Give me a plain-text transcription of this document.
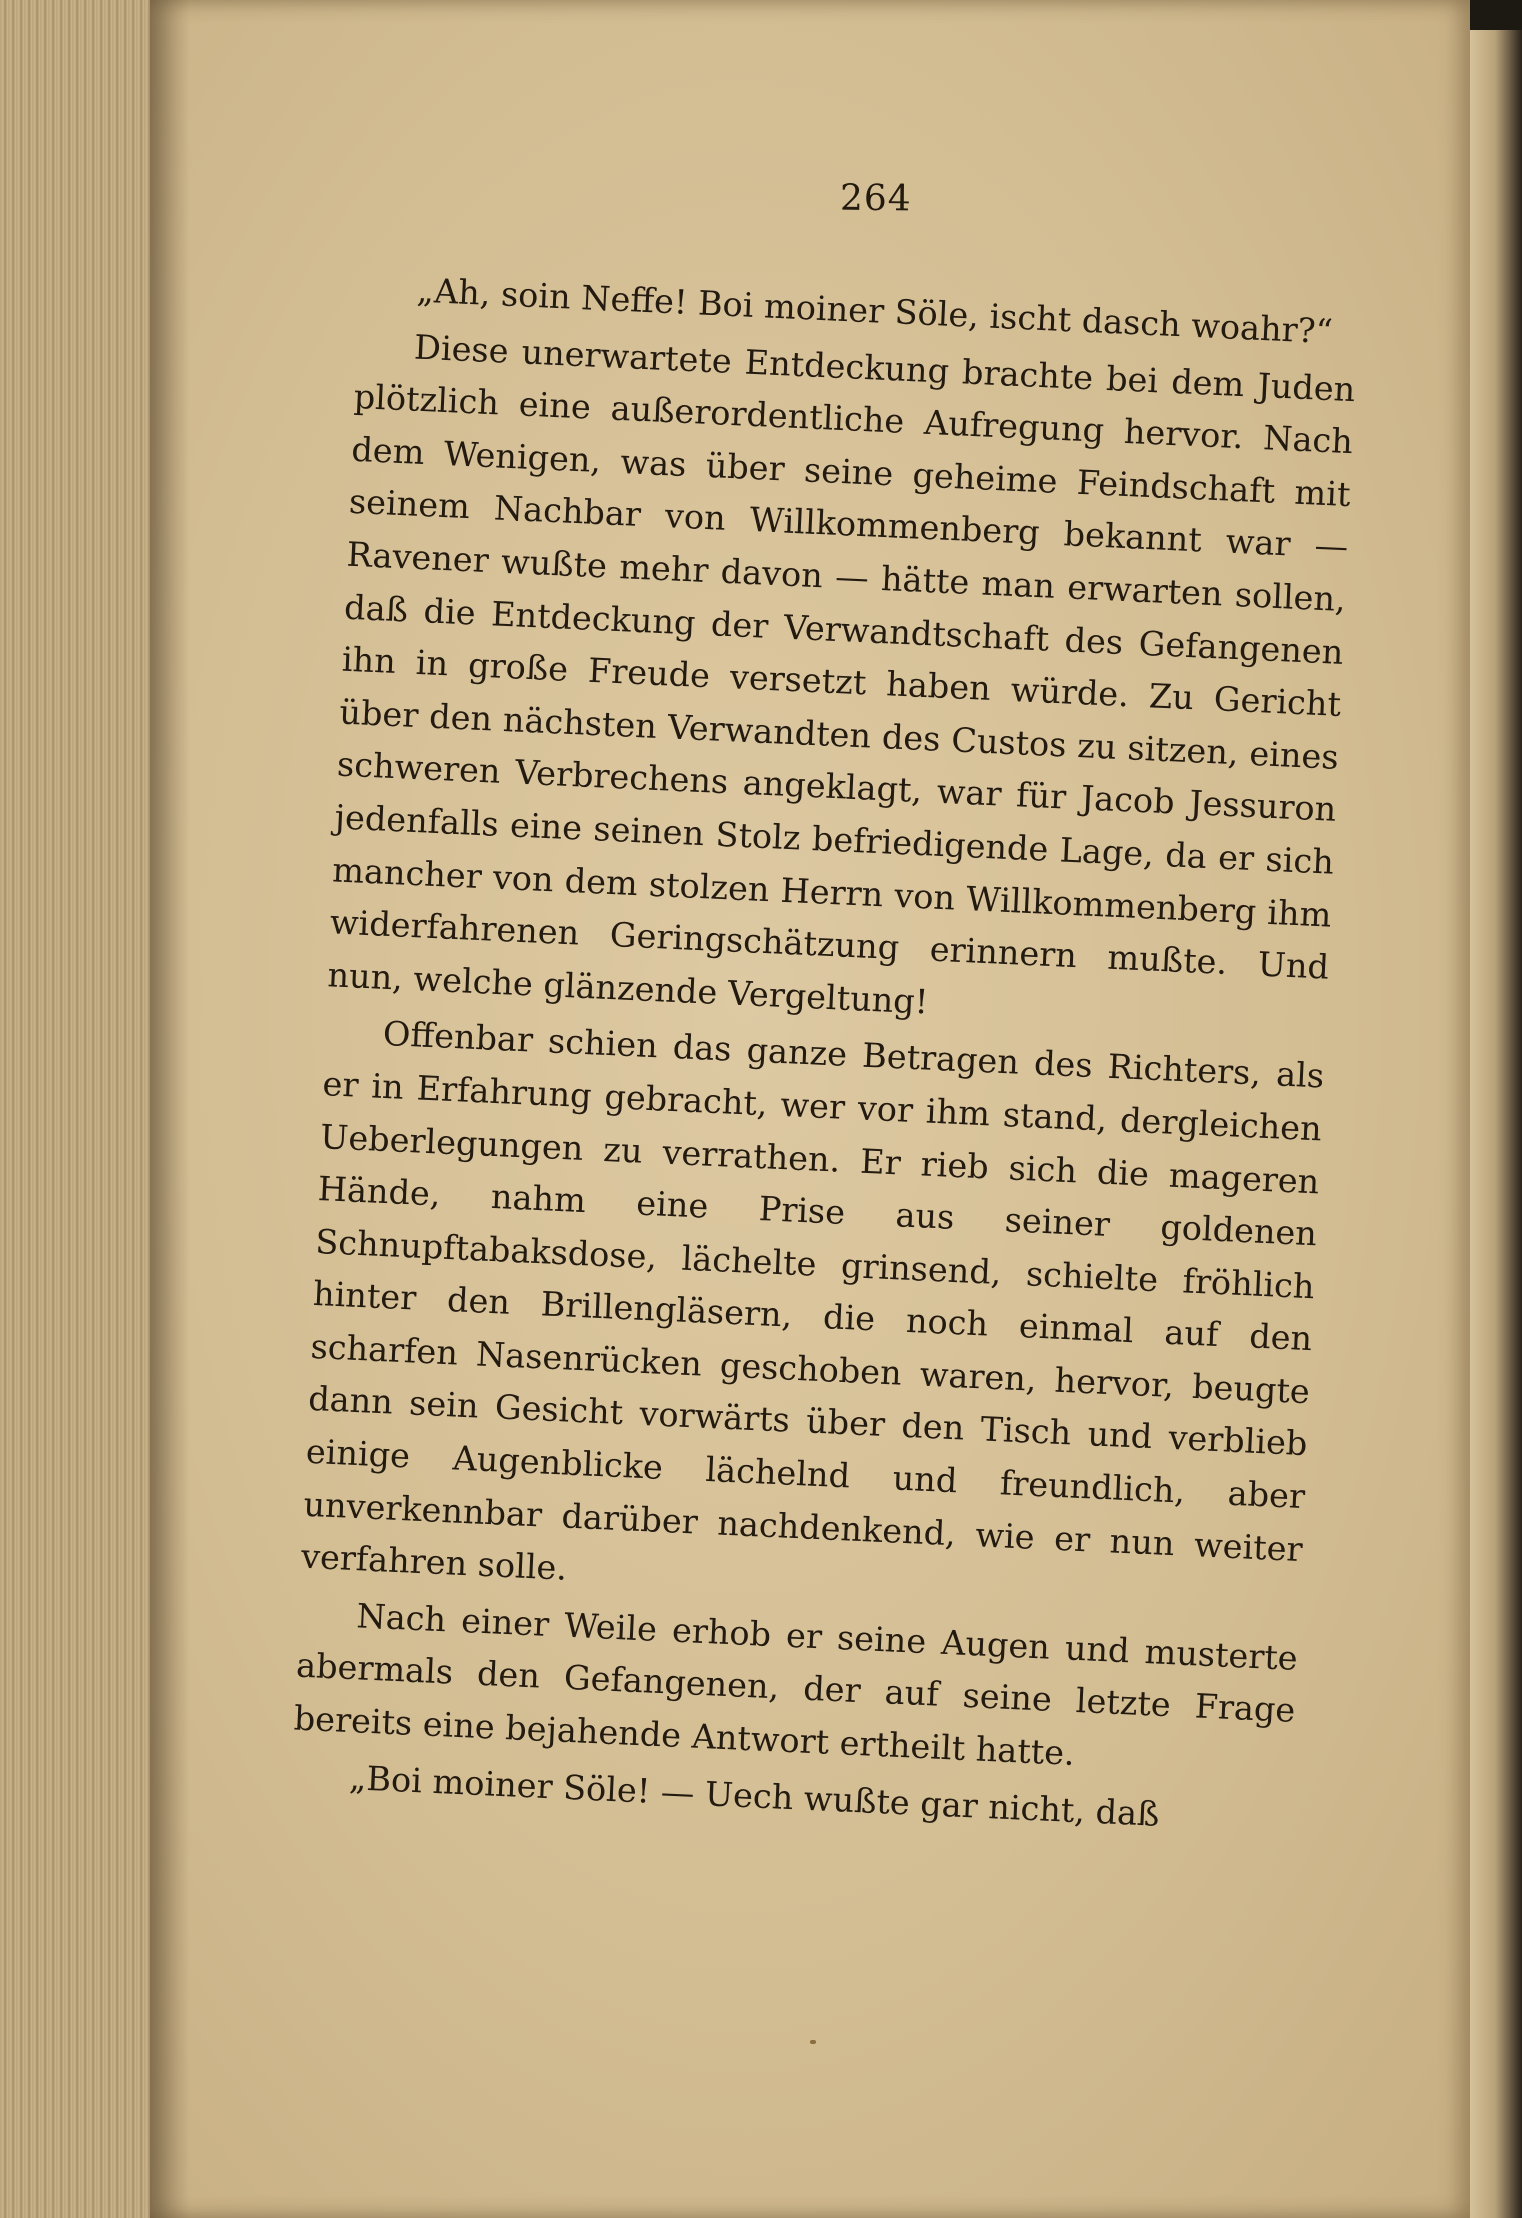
264

„Ah, soin Neffe! Boi moiner Söle, ischt dasch woahr?“

Diese unerwartete Entdeckung brachte bei dem Juden plötzlich eine außerordentliche Aufregung hervor. Nach dem Wenigen, was über seine geheime Feindschaft mit seinem Nachbar von Willkommenberg bekannt war — Ravener wußte mehr davon — hätte man erwarten sollen, daß die Entdeckung der Verwandtschaft des Gefangenen ihn in große Freude versetzt haben würde. Zu Gericht über den nächsten Verwandten des Custos zu sitzen, eines schweren Verbrechens angeklagt, war für Jacob Jessuron jedenfalls eine seinen Stolz befriedigende Lage, da er sich mancher von dem stolzen Herrn von Willkommenberg ihm widerfahrenen Geringschätzung erinnern mußte. Und nun, welche glänzende Vergeltung!

Offenbar schien das ganze Betragen des Richters, als er in Erfahrung gebracht, wer vor ihm stand, dergleichen Ueberlegungen zu verrathen. Er rieb sich die mageren Hände, nahm eine Prise aus seiner goldenen Schnupftabaksdose, lächelte grinsend, schielte fröhlich hinter den Brillengläsern, die noch einmal auf den scharfen Nasenrücken geschoben waren, hervor, beugte dann sein Gesicht vorwärts über den Tisch und verblieb einige Augenblicke lächelnd und freundlich, aber unverkennbar darüber nachdenkend, wie er nun weiter verfahren solle.

Nach einer Weile erhob er seine Augen und musterte abermals den Gefangenen, der auf seine letzte Frage bereits eine bejahende Antwort ertheilt hatte.

„Boi moiner Söle! — Uech wußte gar nicht, daß
